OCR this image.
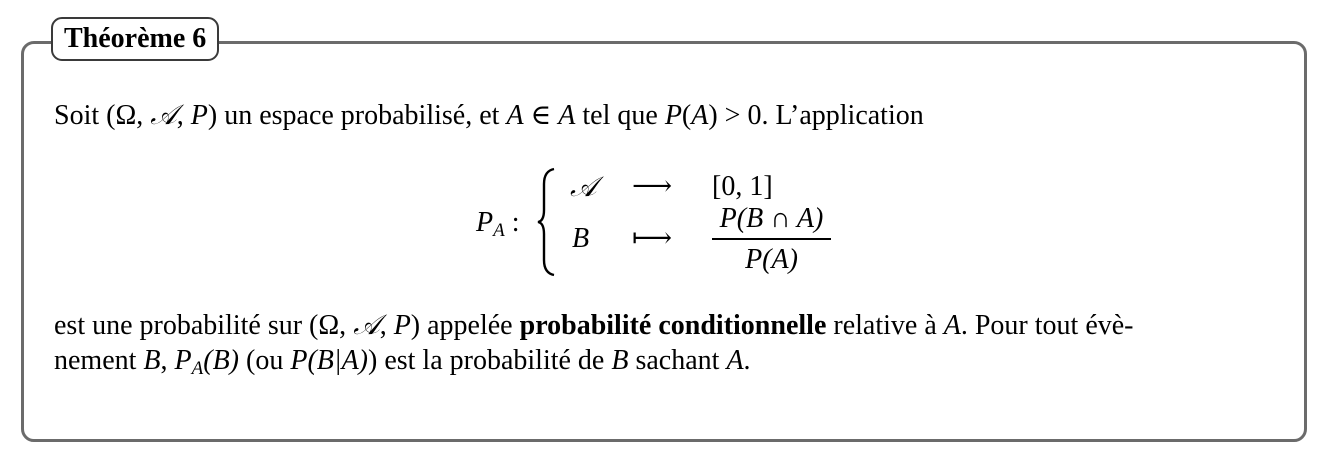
Théorème 6
Soit (Ω, 𝒜, P) un espace probabilisé, et A ∈ A tel que P(A) > 0. L’application
$P_A$ :
𝒜 ⟶ [0, 1]
B ⟼
P(B ∩ A)
P(A)
est une probabilité sur (Ω, 𝒜, P) appelée probabilité conditionnelle relative à A. Pour tout évè-
nement B, $P_A(B)$ (ou P(B|A)) est la probabilité de B sachant A.
